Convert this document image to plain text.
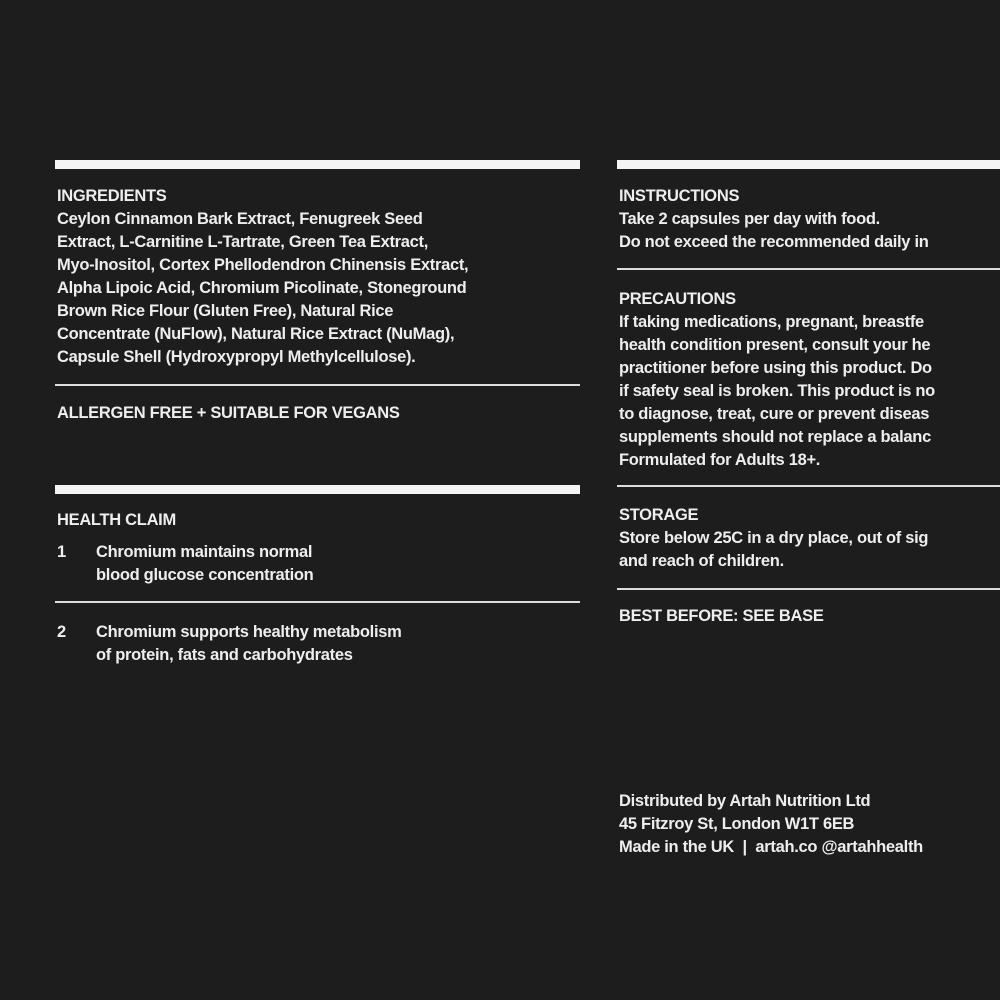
INGREDIENTS
Ceylon Cinnamon Bark Extract, Fenugreek Seed
Extract, L-Carnitine L-Tartrate, Green Tea Extract,
Myo-Inositol, Cortex Phellodendron Chinensis Extract,
Alpha Lipoic Acid, Chromium Picolinate, Stoneground
Brown Rice Flour (Gluten Free), Natural Rice
Concentrate (NuFlow), Natural Rice Extract (NuMag),
Capsule Shell (Hydroxypropyl Methylcellulose).
ALLERGEN FREE + SUITABLE FOR VEGANS
HEALTH CLAIM
1 Chromium maintains normal
blood glucose concentration
2 Chromium supports healthy metabolism
of protein, fats and carbohydrates
INSTRUCTIONS
Take 2 capsules per day with food.
Do not exceed the recommended daily in
PRECAUTIONS
If taking medications, pregnant, breastfe
health condition present, consult your he
practitioner before using this product. Do
if safety seal is broken. This product is no
to diagnose, treat, cure or prevent diseas
supplements should not replace a balanc
Formulated for Adults 18+.
STORAGE
Store below 25C in a dry place, out of sig
and reach of children.
BEST BEFORE: SEE BASE
Distributed by Artah Nutrition Ltd
45 Fitzroy St, London W1T 6EB
Made in the UK  |  artah.co @artahhealth
